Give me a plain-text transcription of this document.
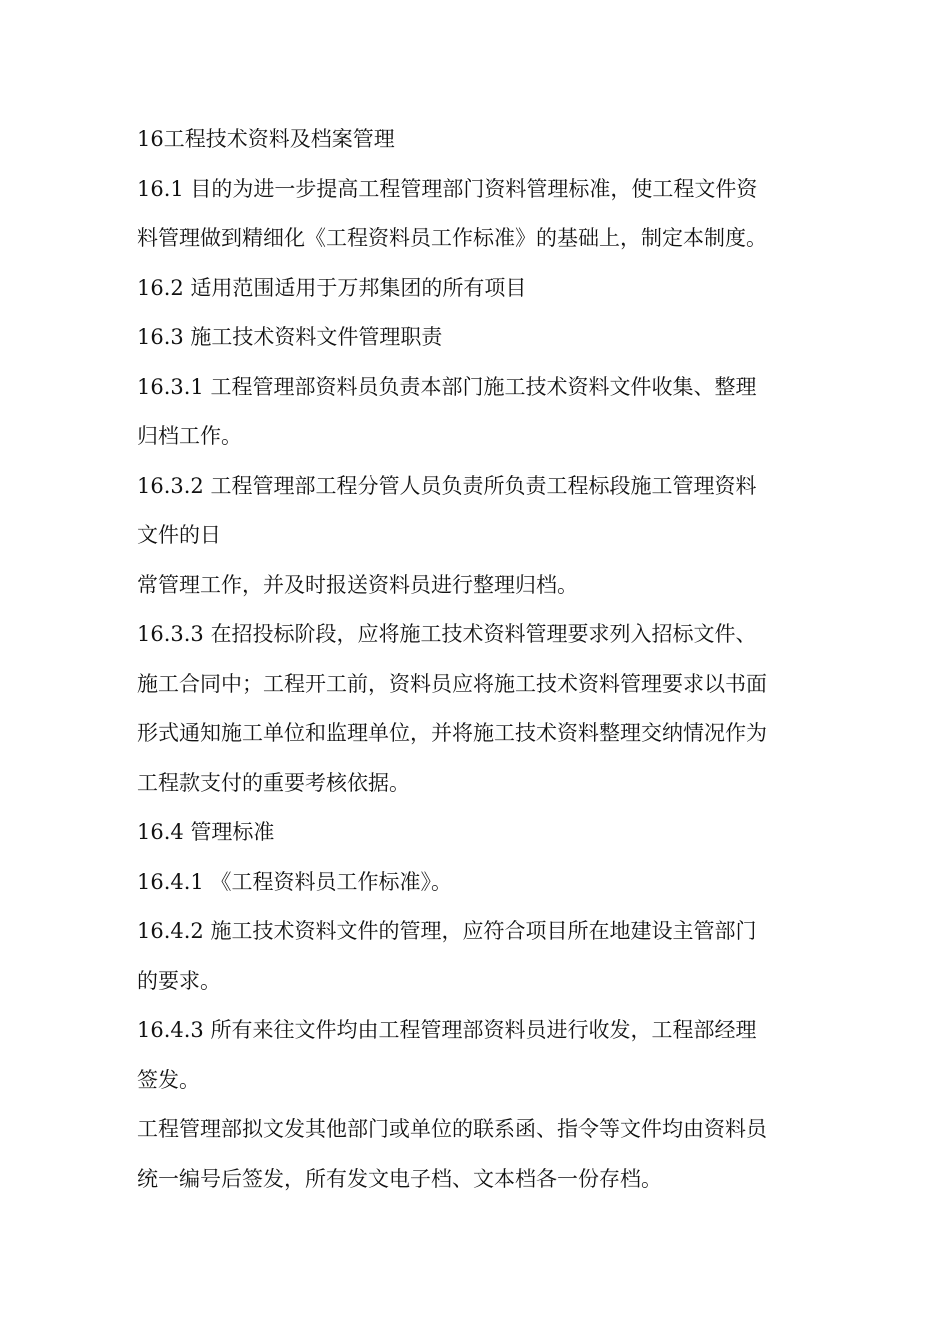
16工程技术资料及档案管理
16.1 目的为进一步提高工程管理部门资料管理标准，使工程文件资
料管理做到精细化《工程资料员工作标准》的基础上，制定本制度。
16.2 适用范围适用于万邦集团的所有项目
16.3 施工技术资料文件管理职责
16.3.1 工程管理部资料员负责本部门施工技术资料文件收集、整理
归档工作。
16.3.2 工程管理部工程分管人员负责所负责工程标段施工管理资料
文件的日
常管理工作，并及时报送资料员进行整理归档。
16.3.3 在招投标阶段，应将施工技术资料管理要求列入招标文件、
施工合同中；工程开工前，资料员应将施工技术资料管理要求以书面
形式通知施工单位和监理单位，并将施工技术资料整理交纳情况作为
工程款支付的重要考核依据。
16.4 管理标准
16.4.1 《工程资料员工作标准》。
16.4.2 施工技术资料文件的管理，应符合项目所在地建设主管部门
的要求。
16.4.3 所有来往文件均由工程管理部资料员进行收发，工程部经理
签发。
工程管理部拟文发其他部门或单位的联系函、指令等文件均由资料员
统一编号后签发，所有发文电子档、文本档各一份存档。
